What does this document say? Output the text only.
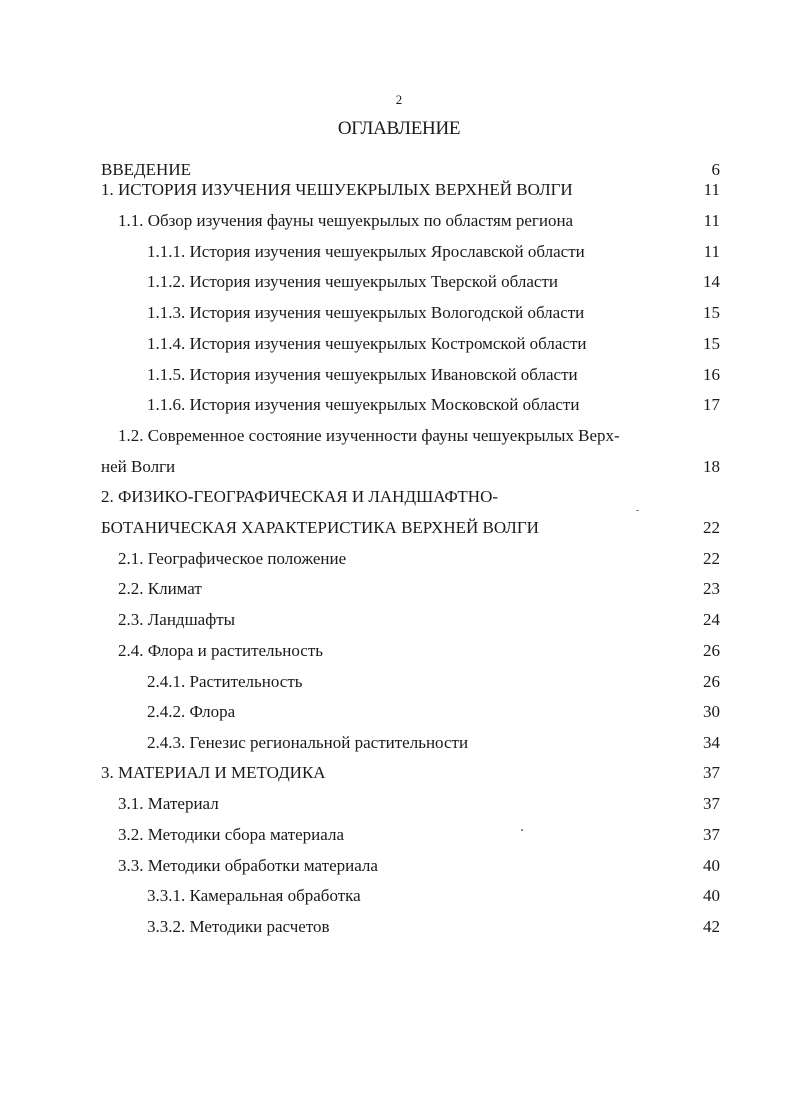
2
ОГЛАВЛЕНИЕ
ВВЕДЕНИЕ	6
1. ИСТОРИЯ ИЗУЧЕНИЯ ЧЕШУЕКРЫЛЫХ ВЕРХНЕЙ ВОЛГИ	11
1.1. Обзор изучения фауны чешуекрылых по областям региона	11
1.1.1. История изучения чешуекрылых Ярославской области	11
1.1.2. История изучения чешуекрылых Тверской области	14
1.1.3. История изучения чешуекрылых Вологодской области	15
1.1.4. История изучения чешуекрылых Костромской области	15
1.1.5. История изучения чешуекрылых Ивановской области	16
1.1.6. История изучения чешуекрылых Московской области	17
1.2. Современное состояние изученности фауны чешуекрылых Верх-
ней Волги	18
2. ФИЗИКО-ГЕОГРАФИЧЕСКАЯ И ЛАНДШАФТНО-
БОТАНИЧЕСКАЯ ХАРАКТЕРИСТИКА ВЕРХНЕЙ ВОЛГИ	22
2.1. Географическое положение	22
2.2. Климат	23
2.3. Ландшафты	24
2.4. Флора и растительность	26
2.4.1. Растительность	26
2.4.2. Флора	30
2.4.3. Генезис региональной растительности	34
3. МАТЕРИАЛ И МЕТОДИКА	37
3.1. Материал	37
3.2. Методики сбора материала	37
3.3. Методики обработки материала	40
3.3.1. Камеральная обработка	40
3.3.2. Методики расчетов	42
